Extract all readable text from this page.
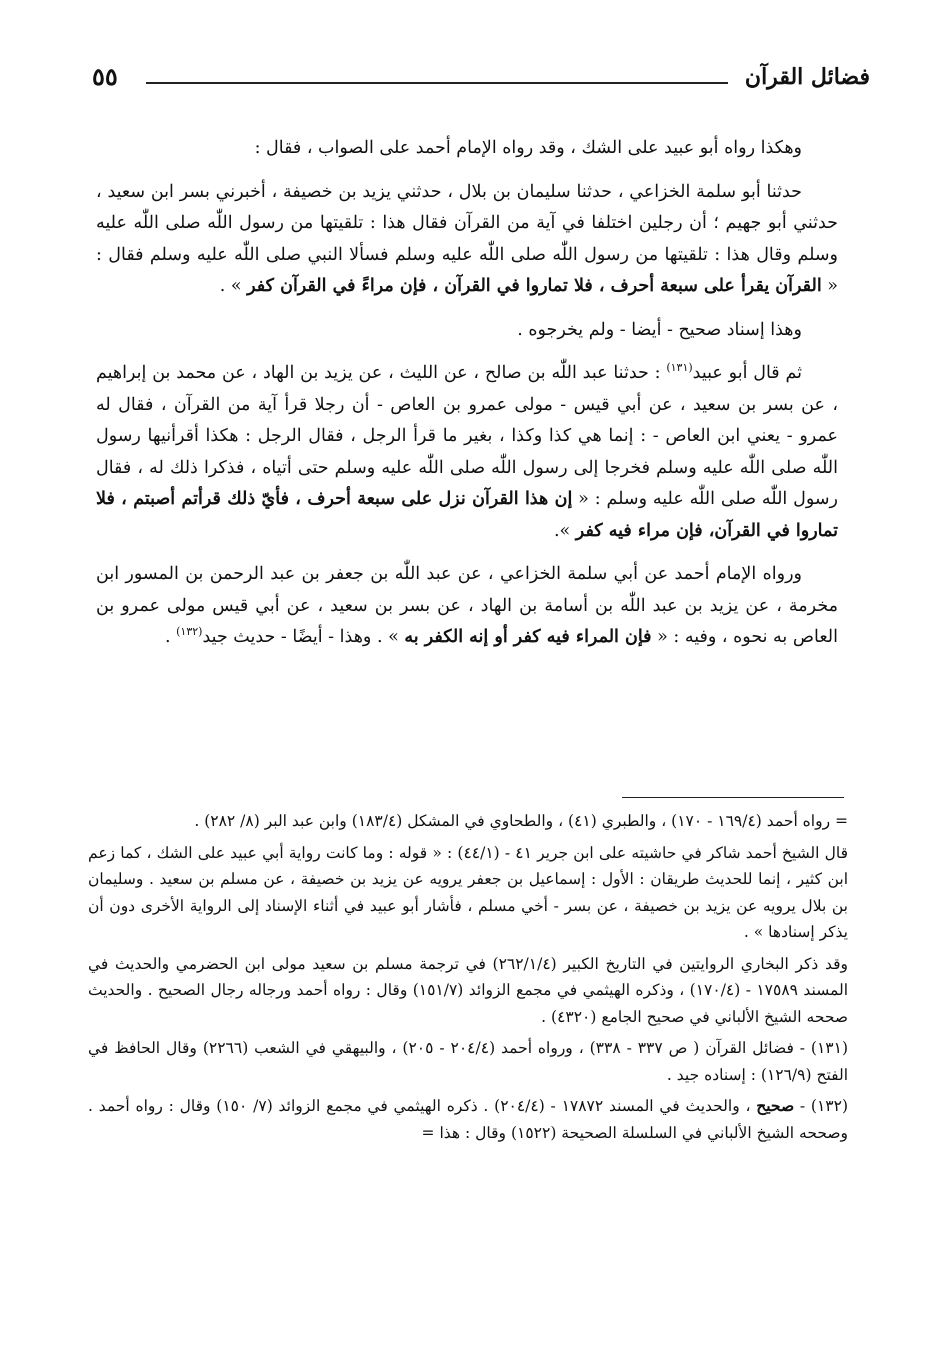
٥٥	فضائل القرآن

وهكذا رواه أبو عبيد على الشك ، وقد رواه الإمام أحمد على الصواب ، فقال :

حدثنا أبو سلمة الخزاعي ، حدثنا سليمان بن بلال ، حدثني يزيد بن خصيفة ، أخبرني بسر ابن سعيد ، حدثني أبو جهيم ؛ أن رجلين اختلفا في آية من القرآن فقال هذا : تلقيتها من رسول اللّٰه صلى اللّٰه عليه وسلم وقال هذا : تلقيتها من رسول اللّٰه صلى اللّٰه عليه وسلم فسألا النبي صلى اللّٰه عليه وسلم فقال : « القرآن يقرأ على سبعة أحرف ، فلا تماروا في القرآن ، فإن مراءً في القرآن كفر » .

وهذا إسناد صحيح - أيضا - ولم يخرجوه .

ثم قال أبو عبيد$^{(١٣١)}$ : حدثنا عبد اللّٰه بن صالح ، عن الليث ، عن يزيد بن الهاد ، عن محمد بن إبراهيم ، عن بسر بن سعيد ، عن أبي قيس - مولى عمرو بن العاص - أن رجلا قرأ آية من القرآن ، فقال له عمرو - يعني ابن العاص - : إنما هي كذا وكذا ، بغير ما قرأ الرجل ، فقال الرجل : هكذا أقرأنيها رسول اللّٰه صلى اللّٰه عليه وسلم فخرجا إلى رسول اللّٰه صلى اللّٰه عليه وسلم حتى أتياه ، فذكرا ذلك له ، فقال رسول اللّٰه صلى اللّٰه عليه وسلم : « إن هذا القرآن نزل على سبعة أحرف ، فأيّ ذلك قرأتم أصبتم ، فلا تماروا في القرآن، فإن مراء فيه كفر ».

ورواه الإمام أحمد عن أبي سلمة الخزاعي ، عن عبد اللّٰه بن جعفر بن عبد الرحمن بن المسور ابن مخرمة ، عن يزيد بن عبد اللّٰه بن أسامة بن الهاد ، عن بسر بن سعيد ، عن أبي قيس مولى عمرو بن العاص به نحوه ، وفيه : « فإن المراء فيه كفر أو إنه الكفر به » . وهذا - أيضًا - حديث جيد$^{(١٣٢)}$ .

= رواه أحمد (١٦٩/٤ - ١٧٠) ، والطبري (٤١) ، والطحاوي في المشكل (١٨٣/٤) وابن عبد البر (٨/ ٢٨٢) .

قال الشيخ أحمد شاكر في حاشيته على ابن جرير ٤١ - (٤٤/١) : « قوله : وما كانت رواية أبي عبيد على الشك ، كما زعم ابن كثير ، إنما للحديث طريقان : الأول : إسماعيل بن جعفر يرويه عن يزيد بن خصيفة ، عن مسلم بن سعيد . وسليمان بن بلال يرويه عن يزيد بن خصيفة ، عن بسر - أخي مسلم ، فأشار أبو عبيد في أثناء الإسناد إلى الرواية الأخرى دون أن يذكر إسنادها » .

وقد ذكر البخاري الروايتين في التاريخ الكبير (٢٦٢/١/٤) في ترجمة مسلم بن سعيد مولى ابن الحضرمي والحديث في المسند ١٧٥٨٩ - (١٧٠/٤) ، وذكره الهيثمي في مجمع الزوائد (١٥١/٧) وقال : رواه أحمد ورجاله رجال الصحيح . والحديث صححه الشيخ الألباني في صحيح الجامع (٤٣٢٠) .

(١٣١) - فضائل القرآن ( ص ٣٣٧ - ٣٣٨) ، ورواه أحمد (٢٠٤/٤ - ٢٠٥) ، والبيهقي في الشعب (٢٢٦٦) وقال الحافظ في الفتح (١٢٦/٩) : إسناده جيد .

(١٣٢) - صحيح ، والحديث في المسند ١٧٨٧٢ - (٢٠٤/٤) . ذكره الهيثمي في مجمع الزوائد (٧/ ١٥٠) وقال : رواه أحمد . وصححه الشيخ الألباني في السلسلة الصحيحة (١٥٢٢) وقال : هذا =
